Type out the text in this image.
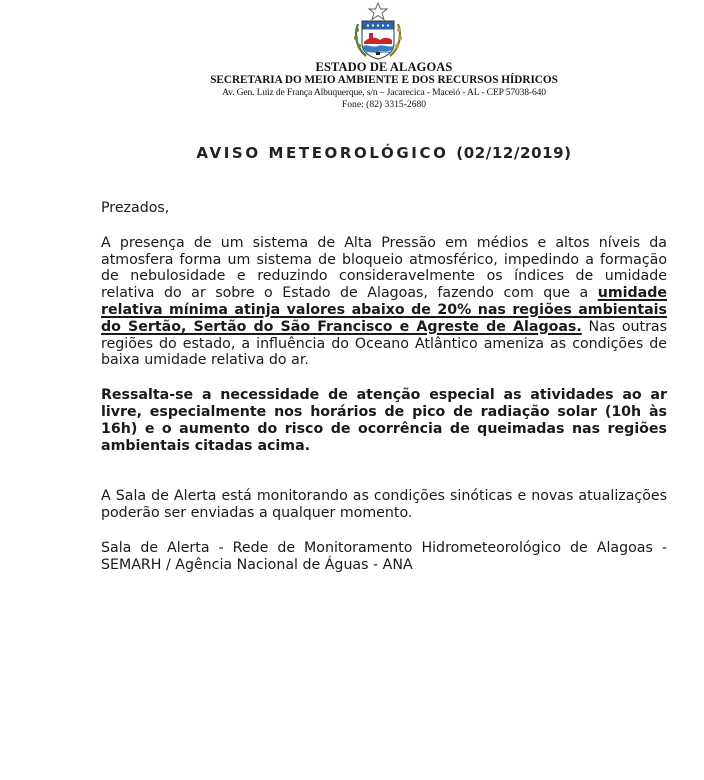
ESTADO DE ALAGOAS
SECRETARIA DO MEIO AMBIENTE E DOS RECURSOS HÍDRICOS
Av. Gen. Luiz de França Albuquerque, s/n – Jacarecica - Maceió - AL - CEP 57038-640
Fone: (82) 3315-2680
AVISO METEOROLÓGICO (02/12/2019)

Prezados,

A presença de um sistema de Alta Pressão em médios e altos níveis da atmosfera forma um sistema de bloqueio atmosférico, impedindo a formação de nebulosidade e reduzindo consideravelmente os índices de umidade relativa do ar sobre o Estado de Alagoas, fazendo com que a umidade relativa mínima atinja valores abaixo de 20% nas regiões ambientais do Sertão, Sertão do São Francisco e Agreste de Alagoas. Nas outras regiões do estado, a influência do Oceano Atlântico ameniza as condições de baixa umidade relativa do ar.

Ressalta-se a necessidade de atenção especial as atividades ao ar livre, especialmente nos horários de pico de radiação solar (10h às 16h) e o aumento do risco de ocorrência de queimadas nas regiões ambientais citadas acima.

A Sala de Alerta está monitorando as condições sinóticas e novas atualizações poderão ser enviadas a qualquer momento.

Sala de Alerta - Rede de Monitoramento Hidrometeorológico de Alagoas - SEMARH / Agência Nacional de Águas - ANA
